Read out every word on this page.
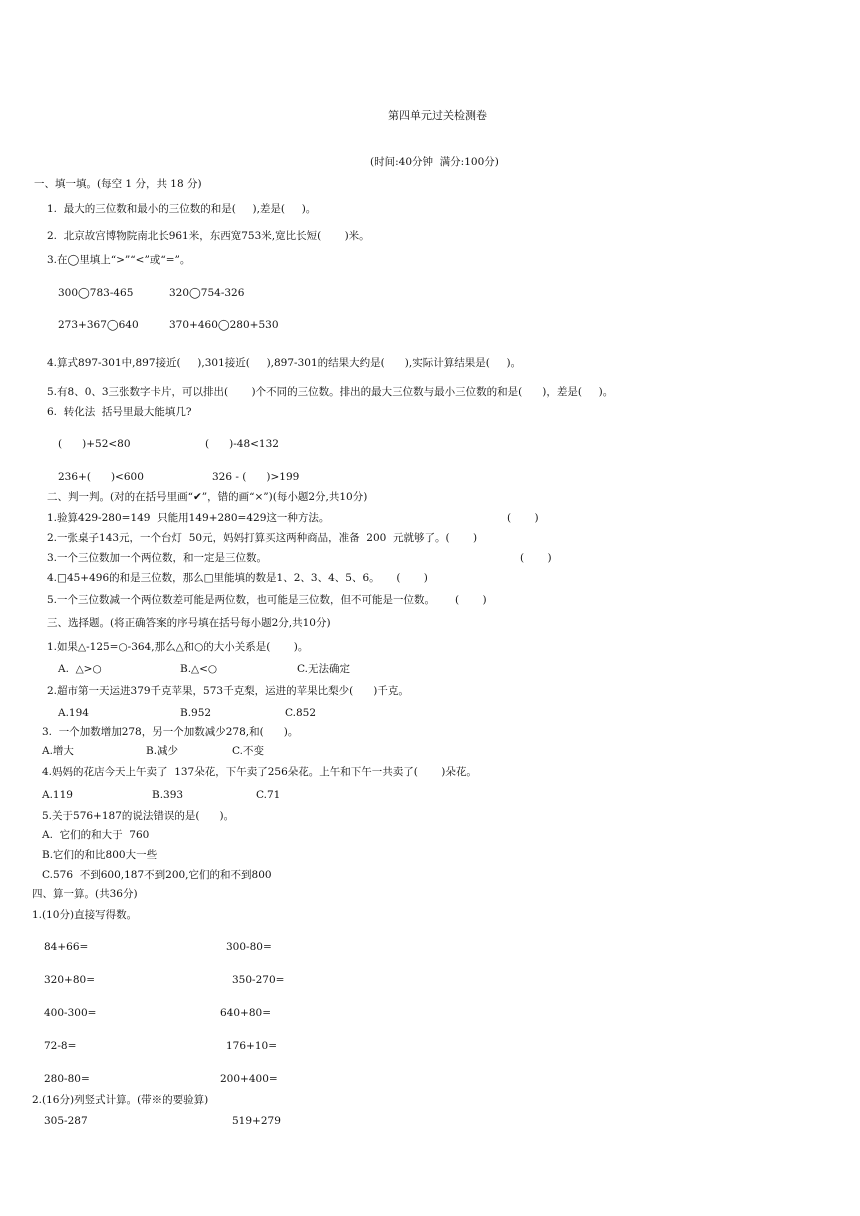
第四单元过关检测卷
(时间:40分钟  满分:100分)
一、填一填。(每空 1 分，共 18 分)
1.  最大的三位数和最小的三位数的和是(     ),差是(     )。
2.  北京故宫博物院南北长961米，东西宽753米,宽比长短(       )米。
3.在◯里填上“>”“<”或“=”。
300◯783-465	320◯754-326
273+367◯640	370+460◯280+530
4.算式897-301中,897接近(     ),301接近(     ),897-301的结果大约是(      ),实际计算结果是(     )。
5.有8、0、3三张数字卡片，可以排出(       )个不同的三位数。排出的最大三位数与最小三位数的和是(      )，差是(     )。
6.  转化法  括号里最大能填几?
(      )+52<80	(      )-48<132
236+(      )<600	326 - (      )>199
二、判一判。(对的在括号里画“✔”，错的画“×”)(每小题2分,共10分)
1.验算429-280=149  只能用149+280=429这一种方法。	(       )
2.一张桌子143元，一个台灯  50元，妈妈打算买这两种商品，准备  200  元就够了。(       )
3.一个三位数加一个两位数，和一定是三位数。	(       )
4.□45+496的和是三位数，那么□里能填的数是1、2、3、4、5、6。     (       )
5.一个三位数减一个两位数差可能是两位数，也可能是三位数，但不可能是一位数。      (       )
三、选择题。(将正确答案的序号填在括号每小题2分,共10分)
1.如果△-125=○-364,那么△和○的大小关系是(       )。
A.  △>○	B.△<○	C.无法确定
2.超市第一天运进379千克苹果，573千克梨，运进的苹果比梨少(      )千克。
A.194	B.952	C.852
3.  一个加数增加278，另一个加数减少278,和(      )。
A.增大	B.减少	C.不变
4.妈妈的花店今天上午卖了  137朵花，下午卖了256朵花。上午和下午一共卖了(       )朵花。
A.119	B.393	C.71
5.关于576+187的说法错误的是(      )。
A.  它们的和大于  760
B.它们的和比800大一些
C.576  不到600,187不到200,它们的和不到800
四、算一算。(共36分)
1.(10分)直接写得数。
84+66=	300-80=
320+80=	350-270=
400-300=	640+80=
72-8=	176+10=
280-80=	200+400=
2.(16分)列竖式计算。(带※的要验算)
305-287	519+279
